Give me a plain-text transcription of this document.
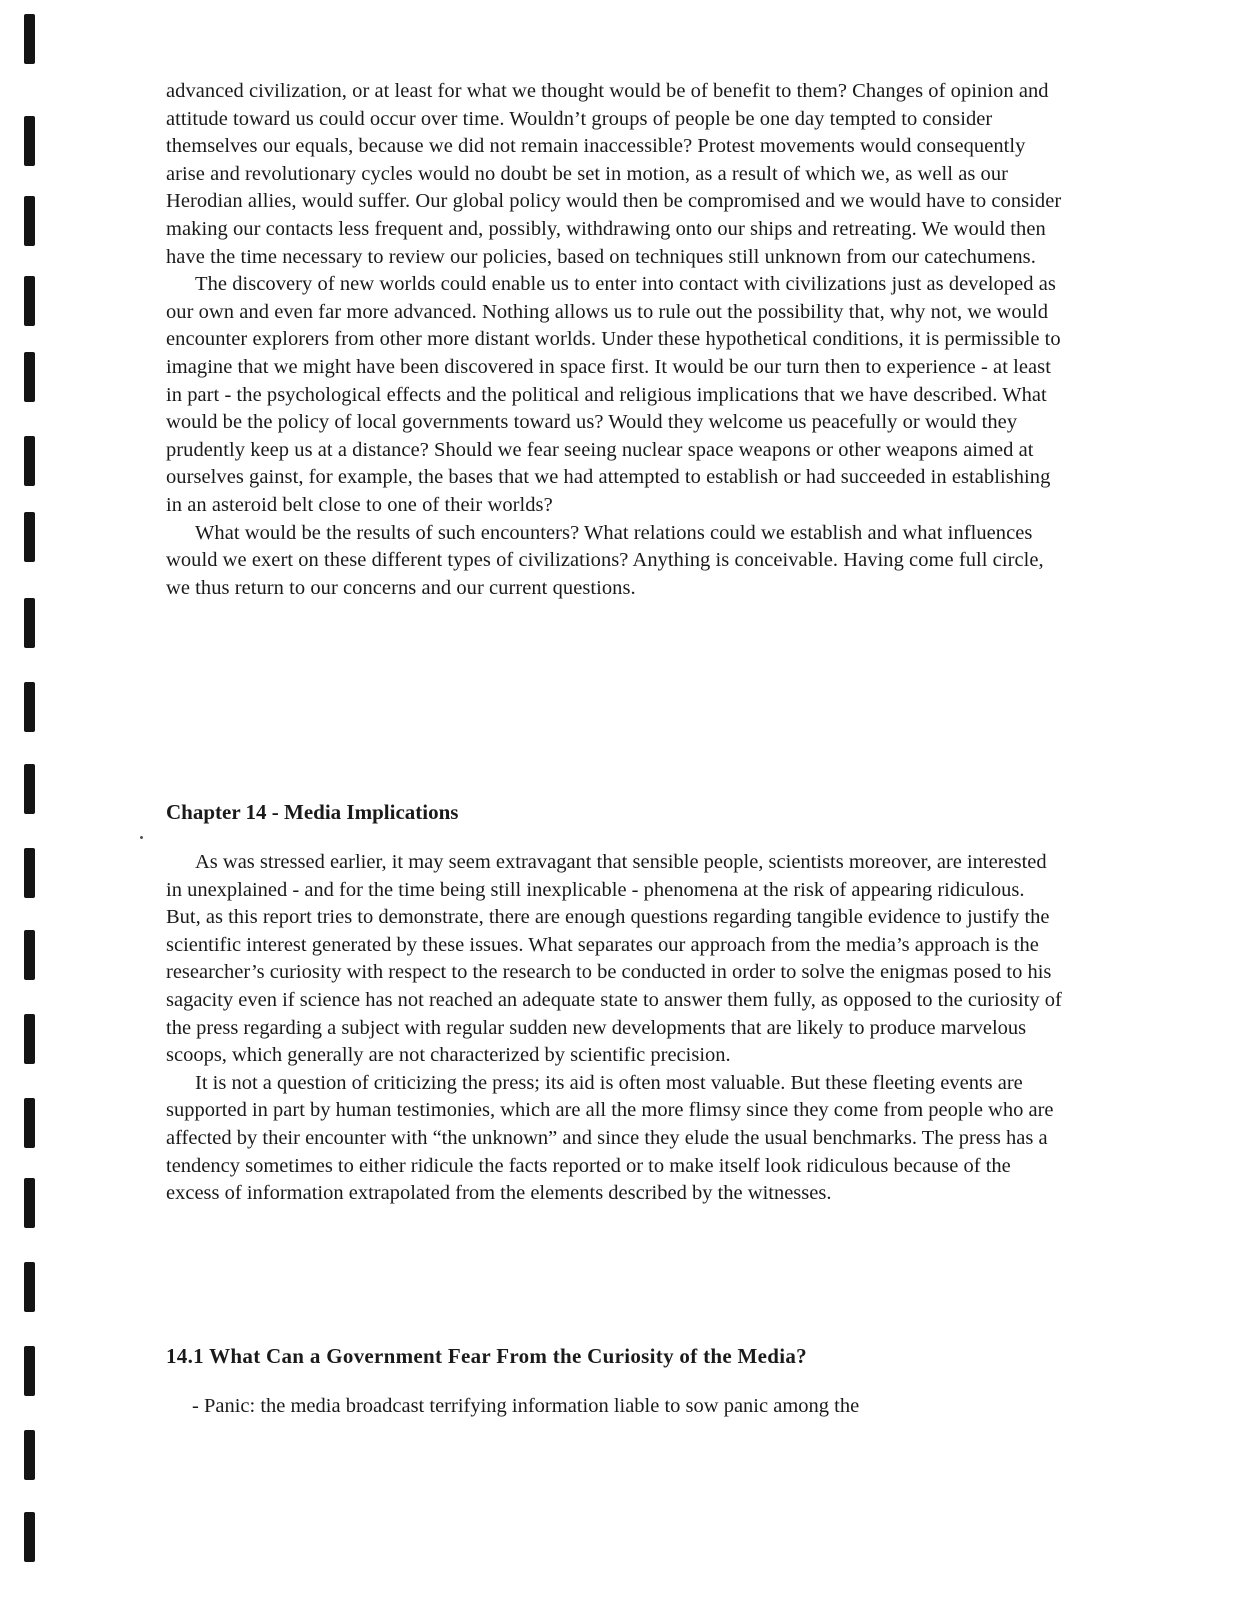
advanced civilization, or at least for what we thought would be of benefit to them? Changes of opinion and attitude toward us could occur over time. Wouldn’t groups of people be one day tempted to consider themselves our equals, because we did not remain inaccessible? Protest movements would consequently arise and revolutionary cycles would no doubt be set in motion, as a result of which we, as well as our Herodian allies, would suffer. Our global policy would then be compromised and we would have to consider making our contacts less frequent and, possibly, withdrawing onto our ships and retreating. We would then have the time necessary to review our policies, based on techniques still unknown from our catechumens.

The discovery of new worlds could enable us to enter into contact with civilizations just as developed as our own and even far more advanced. Nothing allows us to rule out the possibility that, why not, we would encounter explorers from other more distant worlds. Under these hypothetical conditions, it is permissible to imagine that we might have been discovered in space first. It would be our turn then to experience - at least in part - the psychological effects and the political and religious implications that we have described. What would be the policy of local governments toward us? Would they welcome us peacefully or would they prudently keep us at a distance? Should we fear seeing nuclear space weapons or other weapons aimed at ourselves gainst, for example, the bases that we had attempted to establish or had succeeded in establishing in an asteroid belt close to one of their worlds?

What would be the results of such encounters? What relations could we establish and what influences would we exert on these different types of civilizations? Anything is conceivable. Having come full circle, we thus return to our concerns and our current questions.

Chapter 14 - Media Implications

As was stressed earlier, it may seem extravagant that sensible people, scientists moreover, are interested in unexplained - and for the time being still inexplicable - phenomena at the risk of appearing ridiculous. But, as this report tries to demonstrate, there are enough questions regarding tangible evidence to justify the scientific interest generated by these issues. What separates our approach from the media’s approach is the researcher’s curiosity with respect to the research to be conducted in order to solve the enigmas posed to his sagacity even if science has not reached an adequate state to answer them fully, as opposed to the curiosity of the press regarding a subject with regular sudden new developments that are likely to produce marvelous scoops, which generally are not characterized by scientific precision.

It is not a question of criticizing the press; its aid is often most valuable. But these fleeting events are supported in part by human testimonies, which are all the more flimsy since they come from people who are affected by their encounter with “the unknown” and since they elude the usual benchmarks. The press has a tendency sometimes to either ridicule the facts reported or to make itself look ridiculous because of the excess of information extrapolated from the elements described by the witnesses.

14.1 What Can a Government Fear From the Curiosity of the Media?

- Panic: the media broadcast terrifying information liable to sow panic among the
